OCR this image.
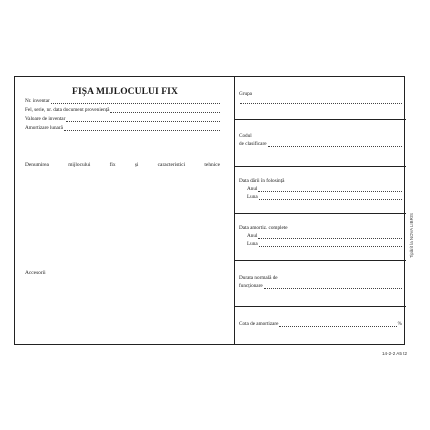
FIȘA MIJLOCULUI FIX
Nr. inventar
Fel, serie, nr. data document proveniență
Valoare de inventar
Amortizare lunară
Denumirea mijlocului fix și caracteristici tehnice
Accesorii
Grupa
Codul
de clasificare
Data dării în folosință
Anul
Luna
Data amortiz. complete
Anul
Luna
Durata normală de
funcționare
Cota de amortizare	%
Tipărit la NOVA LIBRIS
14-2-2 A5 t2
